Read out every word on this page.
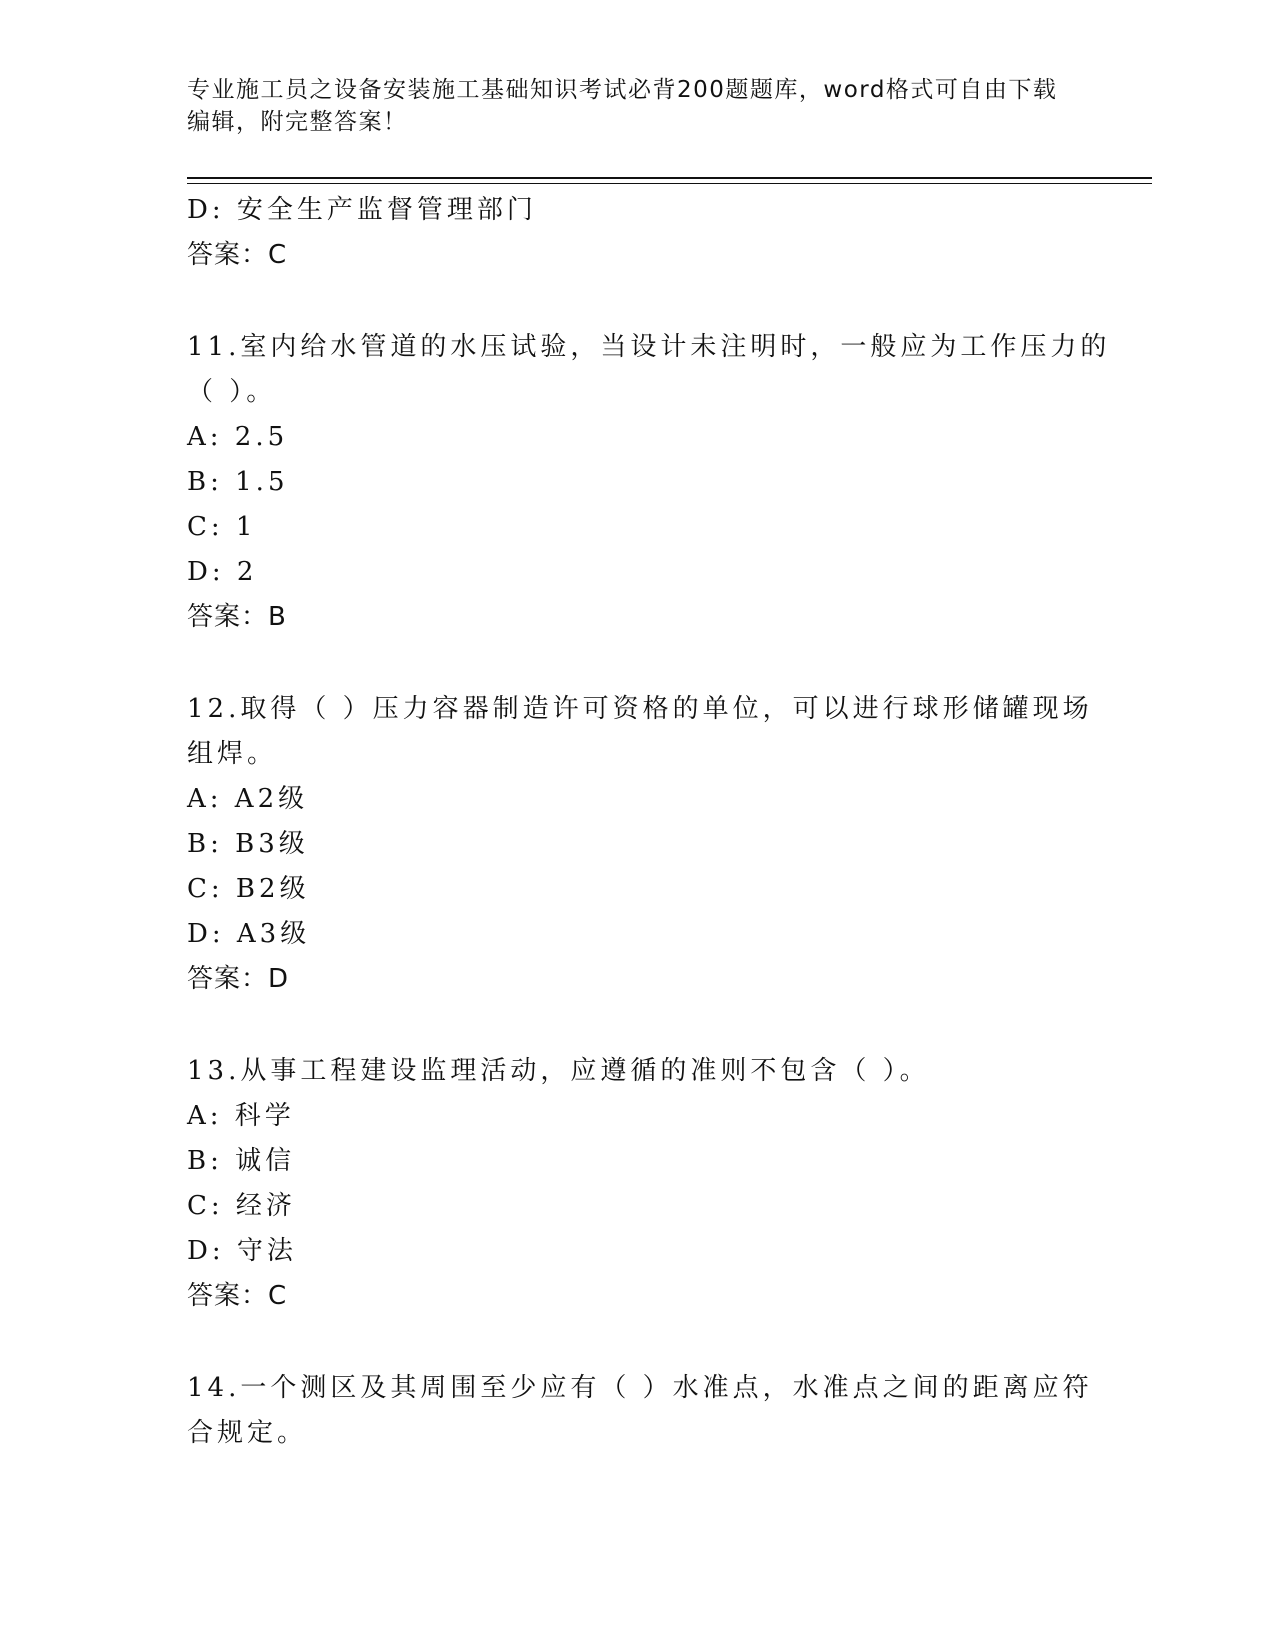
专业施工员之设备安装施工基础知识考试必背200题题库，word格式可自由下载
编辑，附完整答案！
D: 安全生产监督管理部门
答案：C
11.室内给水管道的水压试验，当设计未注明时，一般应为工作压力的
（ ）。
A: 2.5
B: 1.5
C: 1
D: 2
答案：B
12.取得（ ）压力容器制造许可资格的单位，可以进行球形储罐现场
组焊。
A: A2级
B: B3级
C: B2级
D: A3级
答案：D
13.从事工程建设监理活动，应遵循的准则不包含（ ）。
A: 科学
B: 诚信
C: 经济
D: 守法
答案：C
14.一个测区及其周围至少应有（ ）水准点，水准点之间的距离应符
合规定。
